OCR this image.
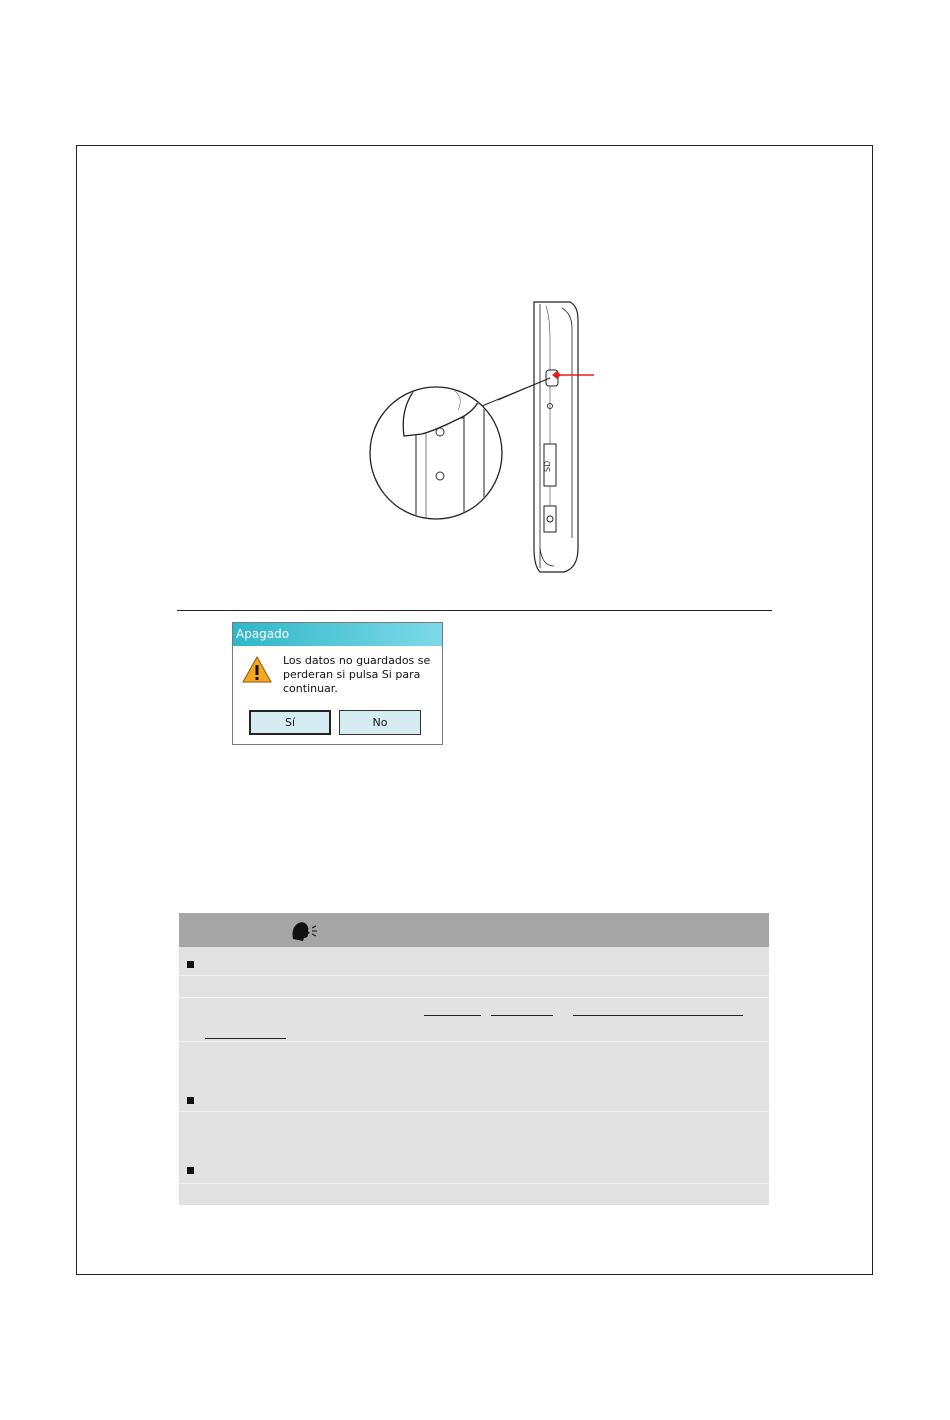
SD
Apagado
Los datos no guardados se perderan si pulsa Si para continuar.
Sí	No
